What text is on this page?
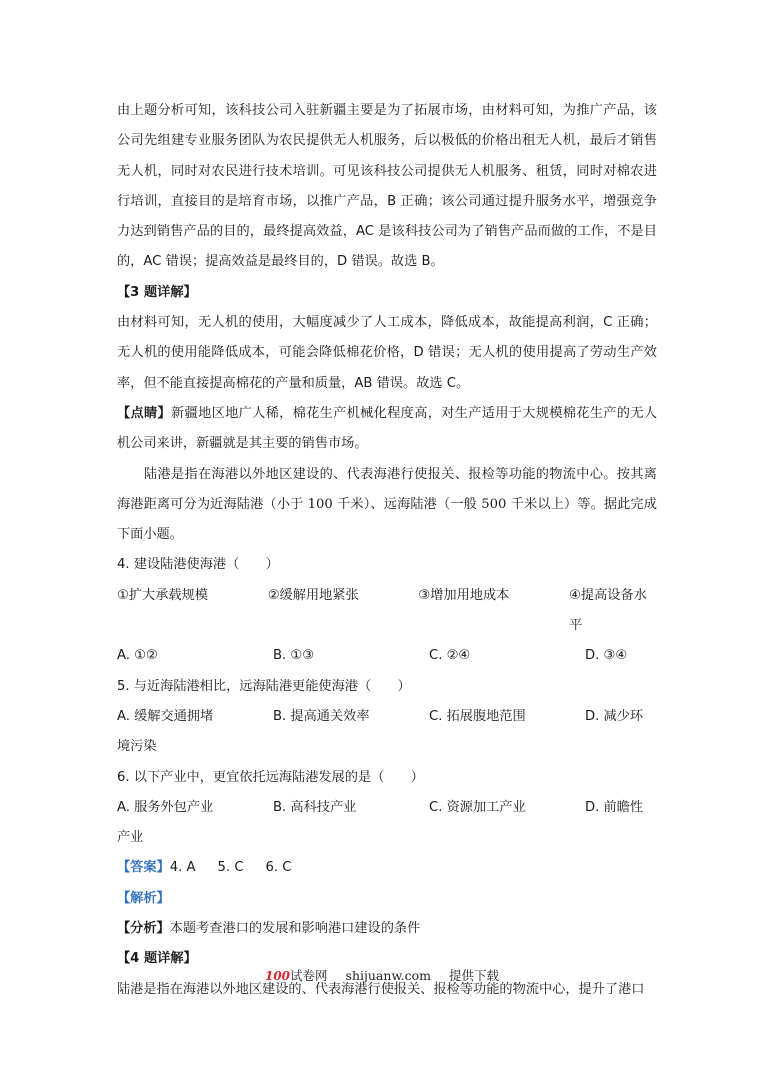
由上题分析可知，该科技公司入驻新疆主要是为了拓展市场，由材料可知，为推广产品，该公司先组建专业服务团队为农民提供无人机服务，后以极低的价格出租无人机，最后才销售无人机，同时对农民进行技术培训。可见该科技公司提供无人机服务、租赁，同时对棉农进行培训，直接目的是培育市场，以推广产品，B 正确；该公司通过提升服务水平，增强竞争力达到销售产品的目的，最终提高效益，AC 是该科技公司为了销售产品而做的工作，不是目的，AC 错误；提高效益是最终目的，D 错误。故选 B。

【3 题详解】

由材料可知，无人机的使用，大幅度减少了人工成本，降低成本，故能提高利润，C 正确；无人机的使用能降低成本，可能会降低棉花价格，D 错误；无人机的使用提高了劳动生产效率，但不能直接提高棉花的产量和质量，AB 错误。故选 C。

【点睛】新疆地区地广人稀，棉花生产机械化程度高，对生产适用于大规模棉花生产的无人机公司来讲，新疆就是其主要的销售市场。

陆港是指在海港以外地区建设的、代表海港行使报关、报检等功能的物流中心。按其离海港距离可分为近海陆港（小于 100 千米）、远海陆港（一般 500 千米以上）等。据此完成下面小题。

4. 建设陆港使海港（　　）

①扩大承载规模	②缓解用地紧张	③增加用地成本	④提高设备水平
A. ①②	B. ①③	C. ②④	D. ③④

5. 与近海陆港相比，远海陆港更能使海港（　　）

A. 缓解交通拥堵	B. 提高通关效率	C. 拓展腹地范围	D. 减少环

境污染

6. 以下产业中，更宜依托远海陆港发展的是（　　）

A. 服务外包产业	B. 高科技产业	C. 资源加工产业	D. 前瞻性

产业

【答案】4. A 5. C 6. C

【解析】

【分析】本题考查港口的发展和影响港口建设的条件

【4 题详解】

陆港是指在海港以外地区建设的、代表海港行使报关、报检等功能的物流中心，提升了港口

100试卷网 shijuanw.com 提供下载
